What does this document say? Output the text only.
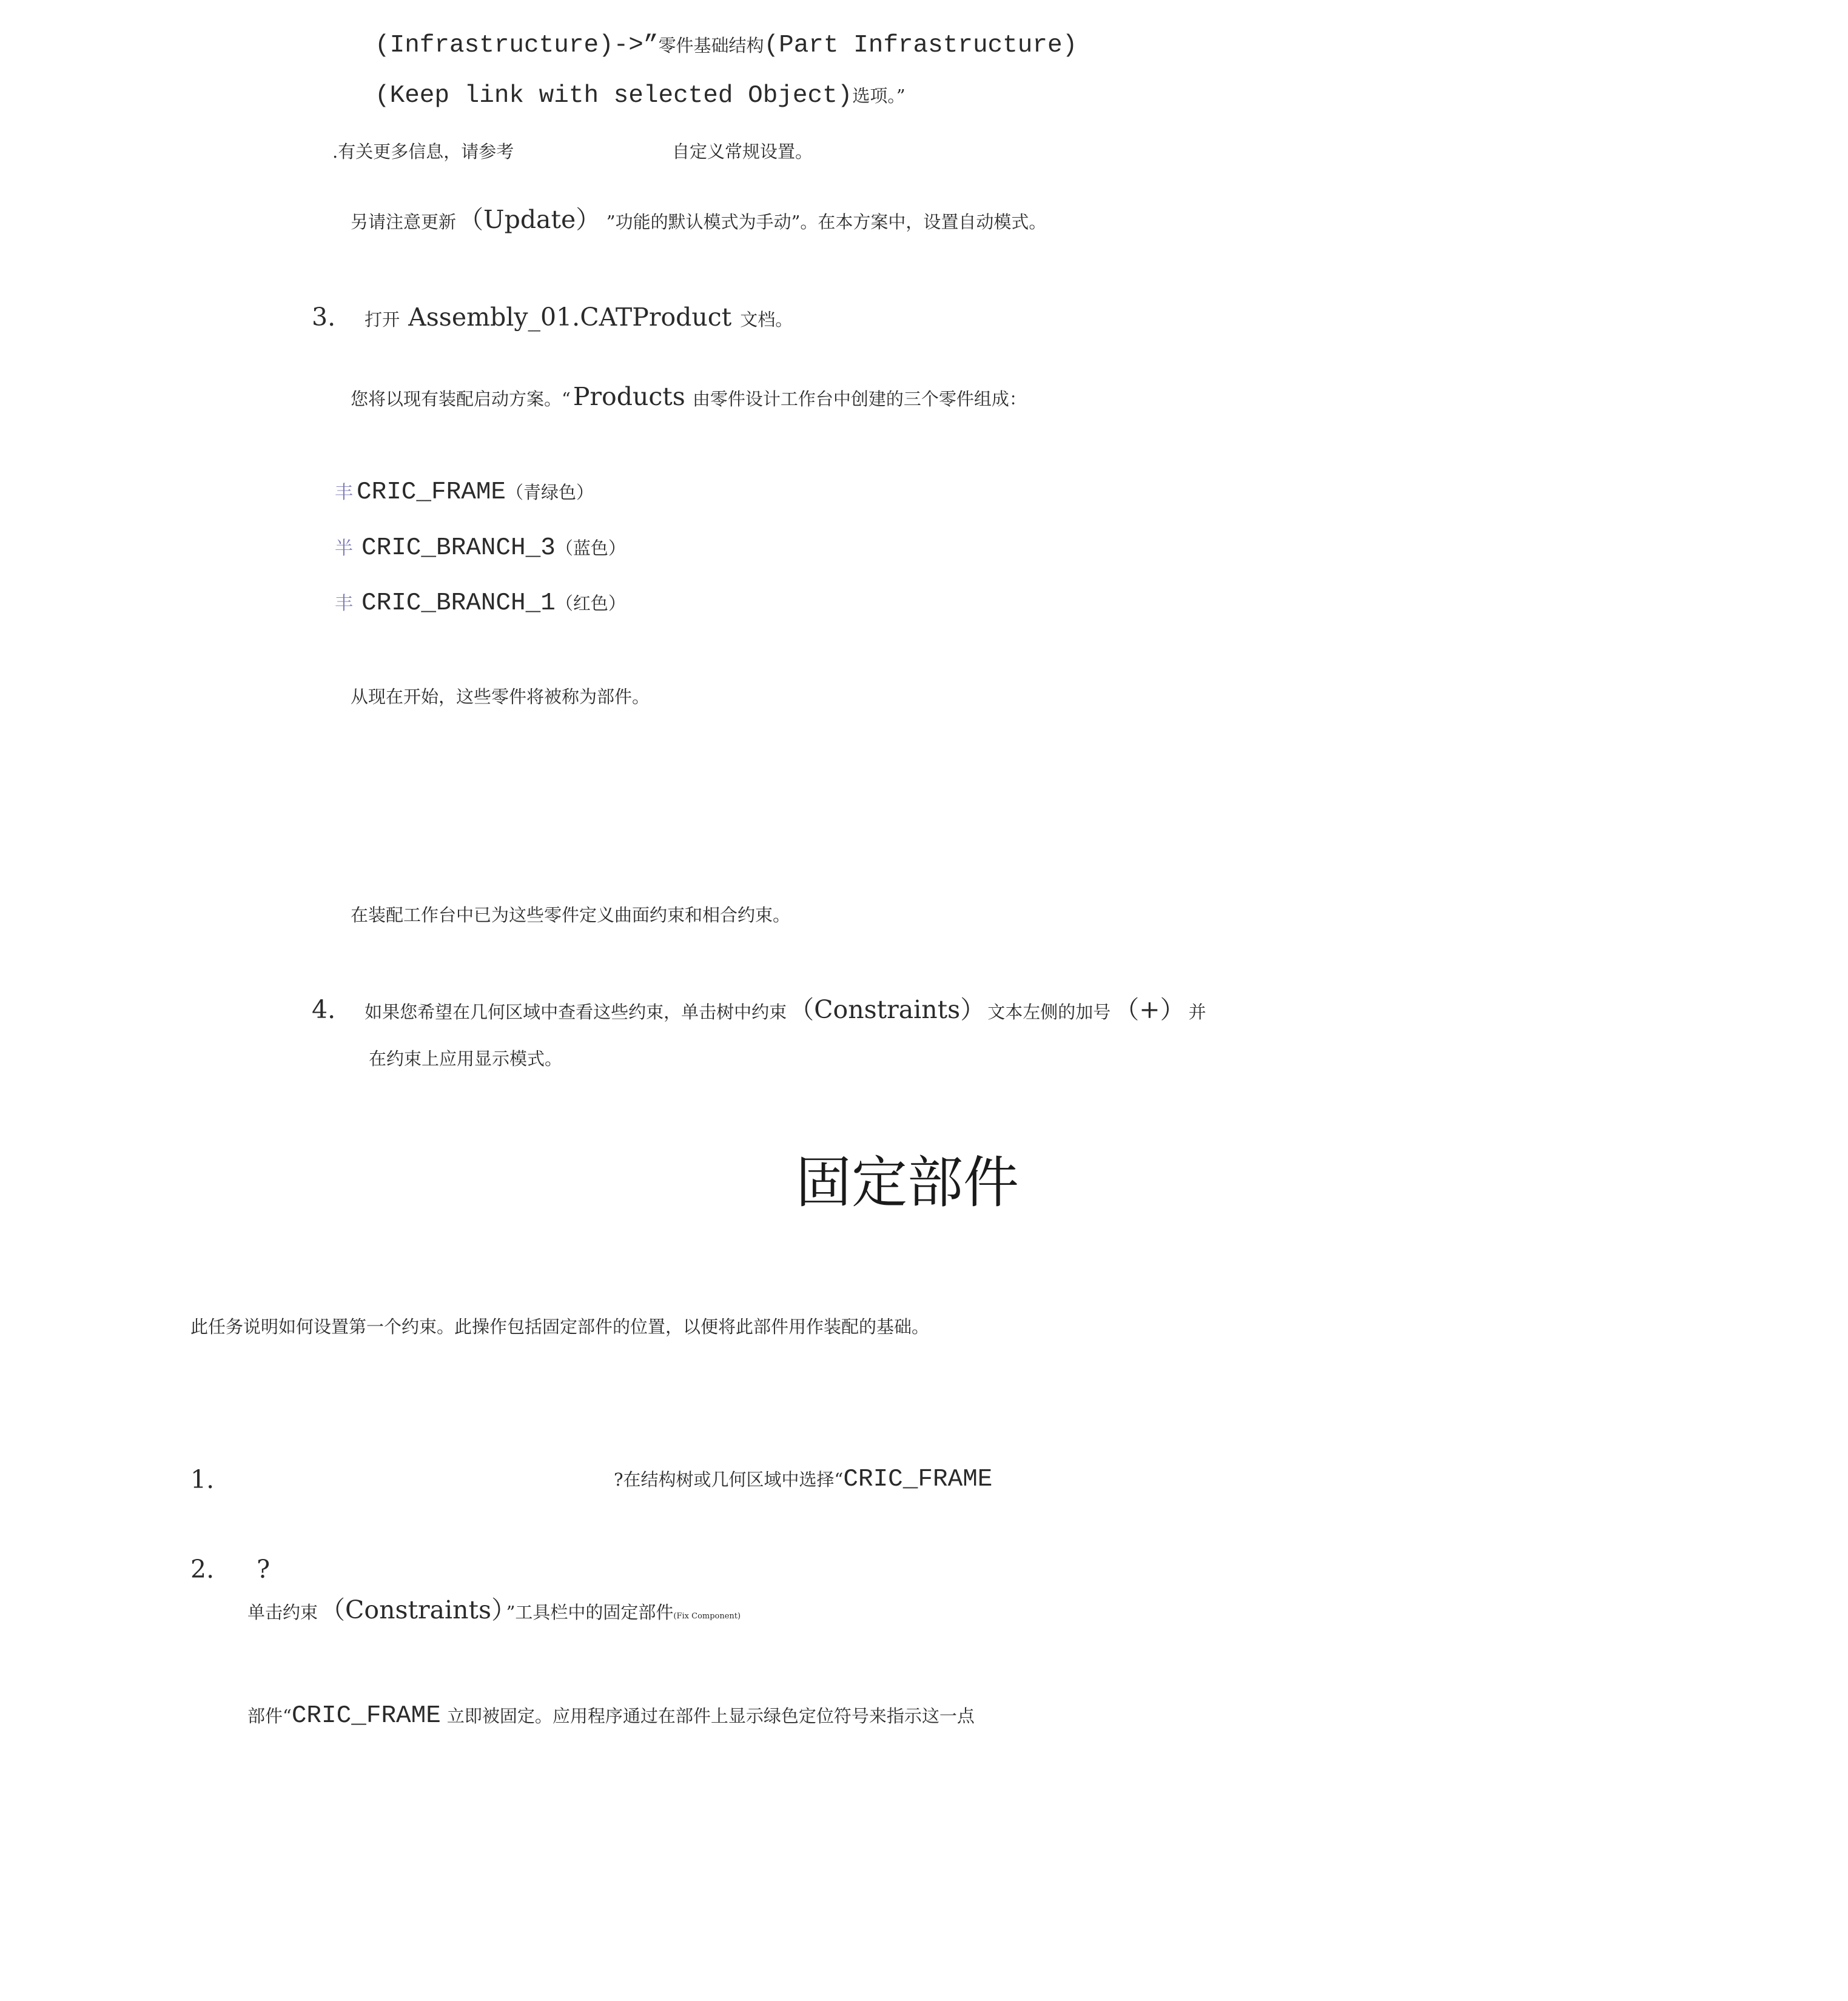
(Infrastructure)->”零件基础结构(Part Infrastructure)
(Keep link with selected Object)选项。”
.有关更多信息，请参考	自定义常规设置。
另请注意更新（Update） ”功能的默认模式为手动”。在本方案中，设置自动模式。
3. 打开 Assembly_01.CATProduct 文档。
您将以现有装配启动方案。“Products 由零件设计工作台中创建的三个零件组成：
丰 CRIC_FRAME（青绿色）
半 CRIC_BRANCH_3（蓝色）
丰 CRIC_BRANCH_1（红色）
从现在开始，这些零件将被称为部件。
在装配工作台中已为这些零件定义曲面约束和相合约束。
4. 如果您希望在几何区域中查看这些约束，单击树中约束（Constraints） 文本左侧的加号 （+） 并
在约束上应用显示模式。
固定部件
此任务说明如何设置第一个约束。此操作包括固定部件的位置，以便将此部件用作装配的基础。
1.	?在结构树或几何区域中选择“CRIC_FRAME
2. ?
单击约束（Constraints） ”工具栏中的固定部件(Fix Component)
部件“CRIC_FRAME 立即被固定。应用程序通过在部件上显示绿色定位符号来指示这一点
